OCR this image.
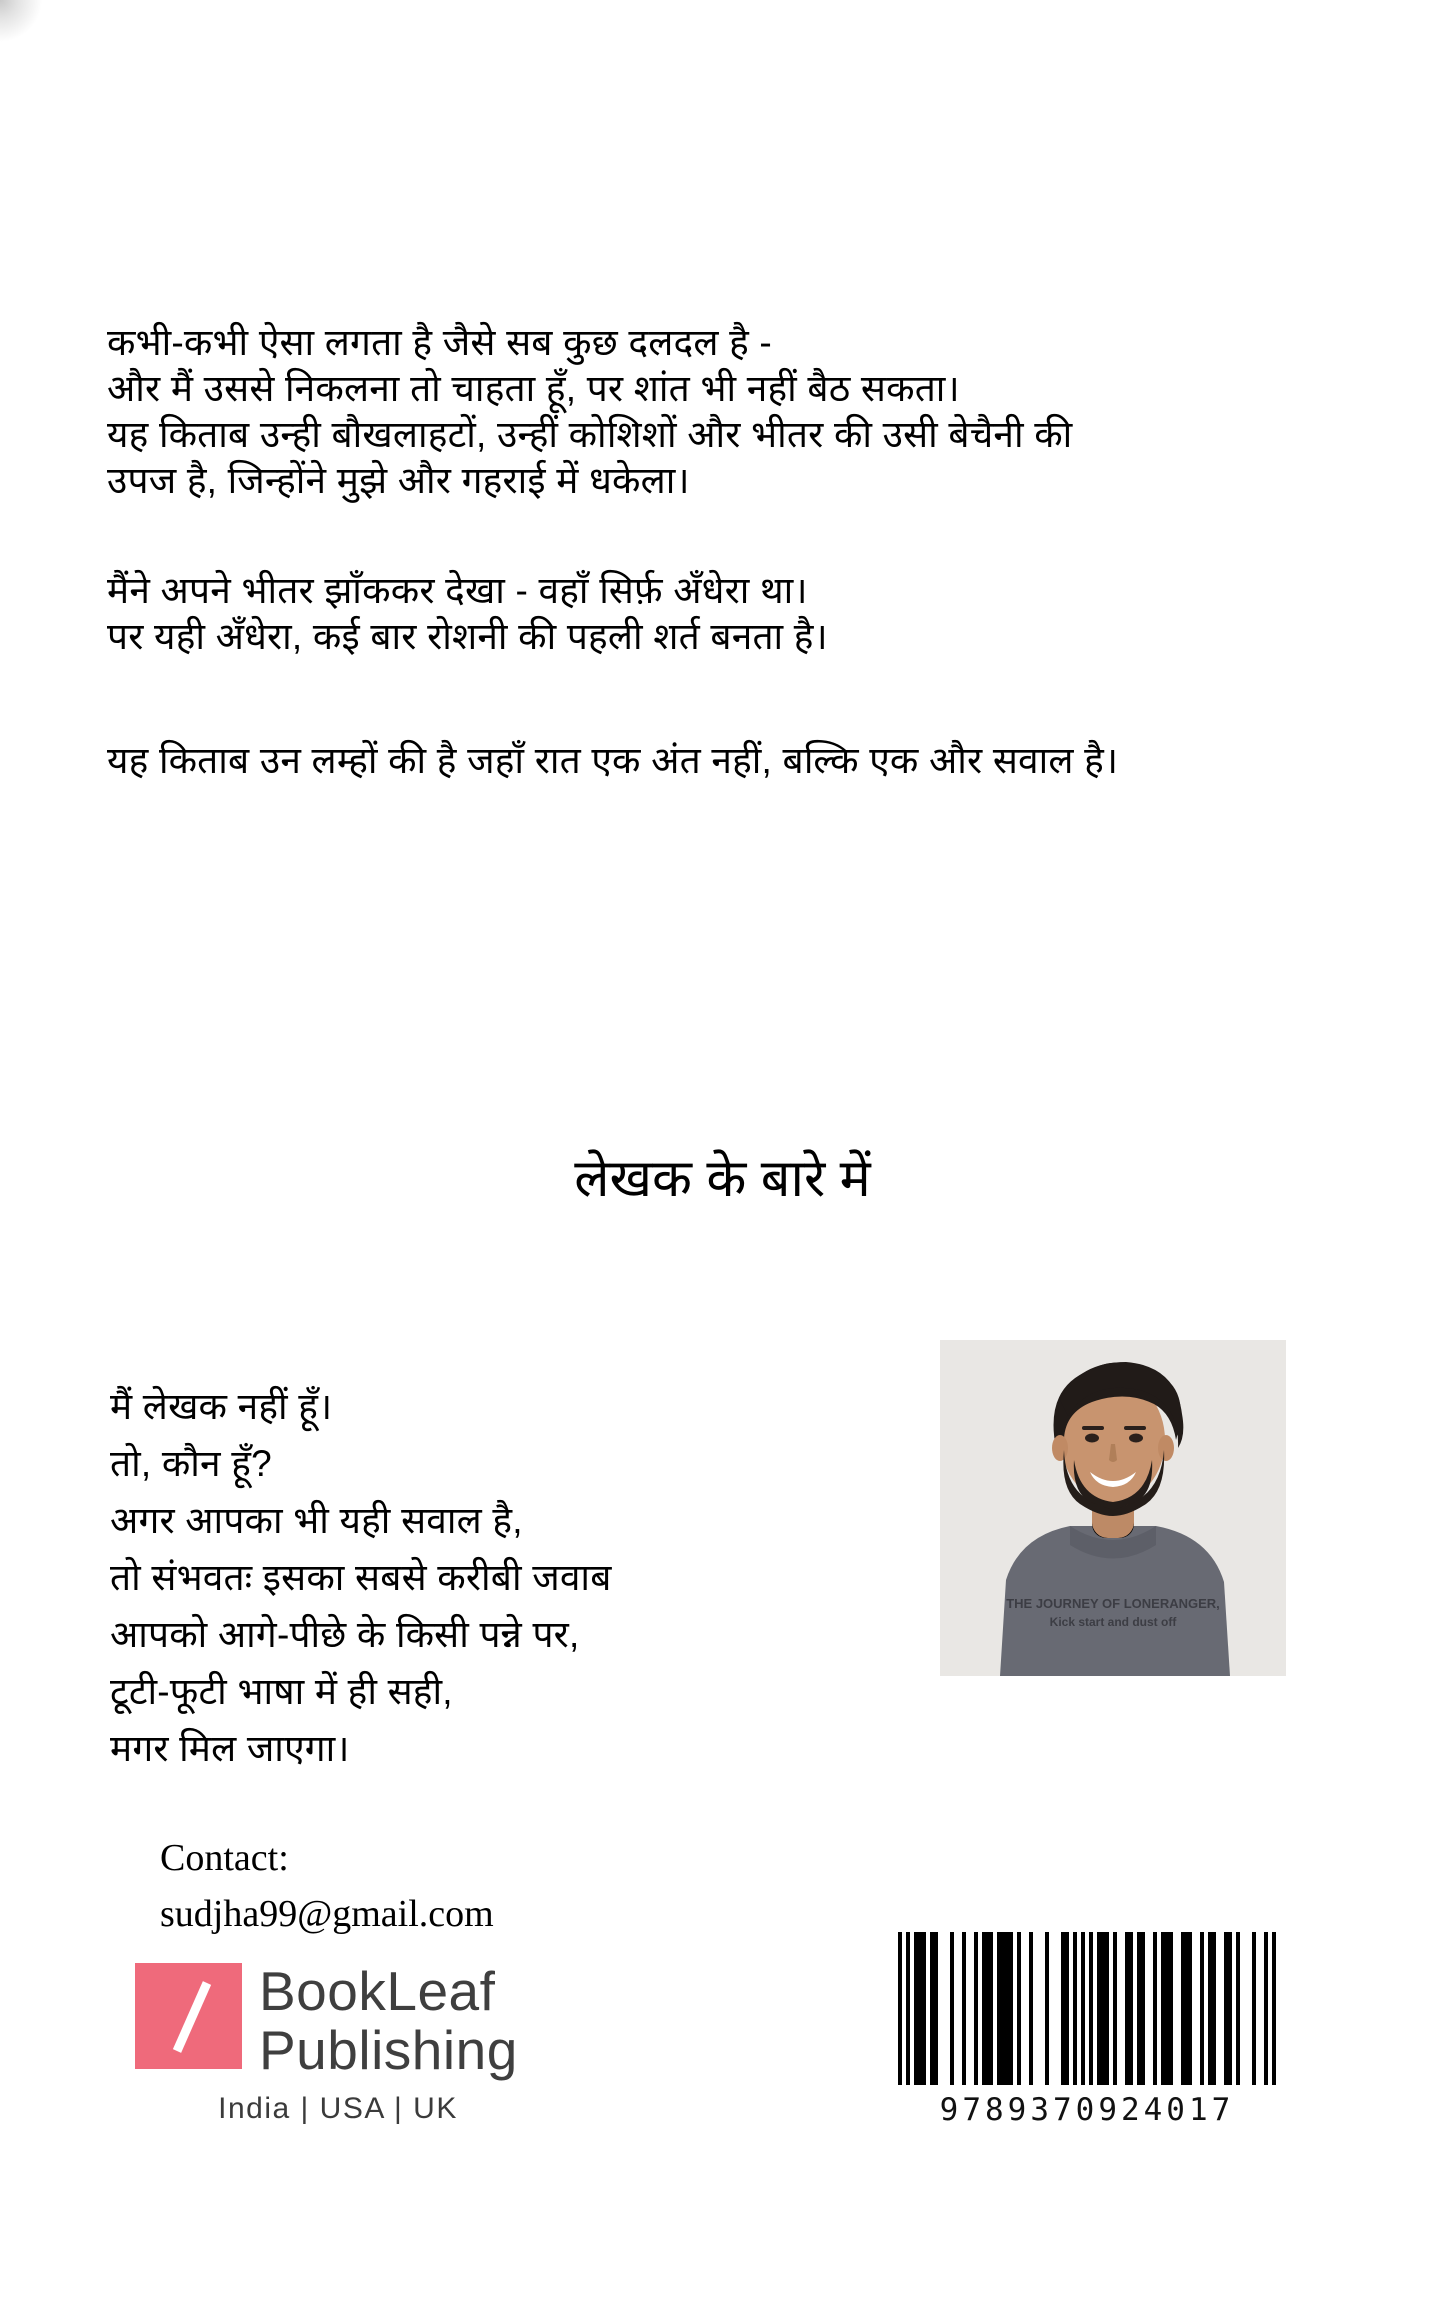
कभी-कभी ऐसा लगता है जैसे सब कुछ दलदल है -
और मैं उससे निकलना तो चाहता हूँ, पर शांत भी नहीं बैठ सकता।
यह किताब उन्ही बौखलाहटों, उन्हीं कोशिशों और भीतर की उसी बेचैनी की
उपज है, जिन्होंने मुझे और गहराई में धकेला।

मैंने अपने भीतर झाँककर देखा - वहाँ सिर्फ़ अँधेरा था।
पर यही अँधेरा, कई बार रोशनी की पहली शर्त बनता है।

यह किताब उन लम्हों की है जहाँ रात एक अंत नहीं, बल्कि एक और सवाल है।

लेखक के बारे में
मैं लेखक नहीं हूँ।
तो, कौन हूँ?
अगर आपका भी यही सवाल है,
तो संभवतः इसका सबसे करीबी जवाब
आपको आगे-पीछे के किसी पन्ने पर,
टूटी-फूटी भाषा में ही सही,
मगर मिल जाएगा।
THE JOURNEY OF LONERANGER,
Kick start and dust off
Contact:
sudjha99@gmail.com
BookLeaf
Publishing
India | USA | UK	9789370924017
